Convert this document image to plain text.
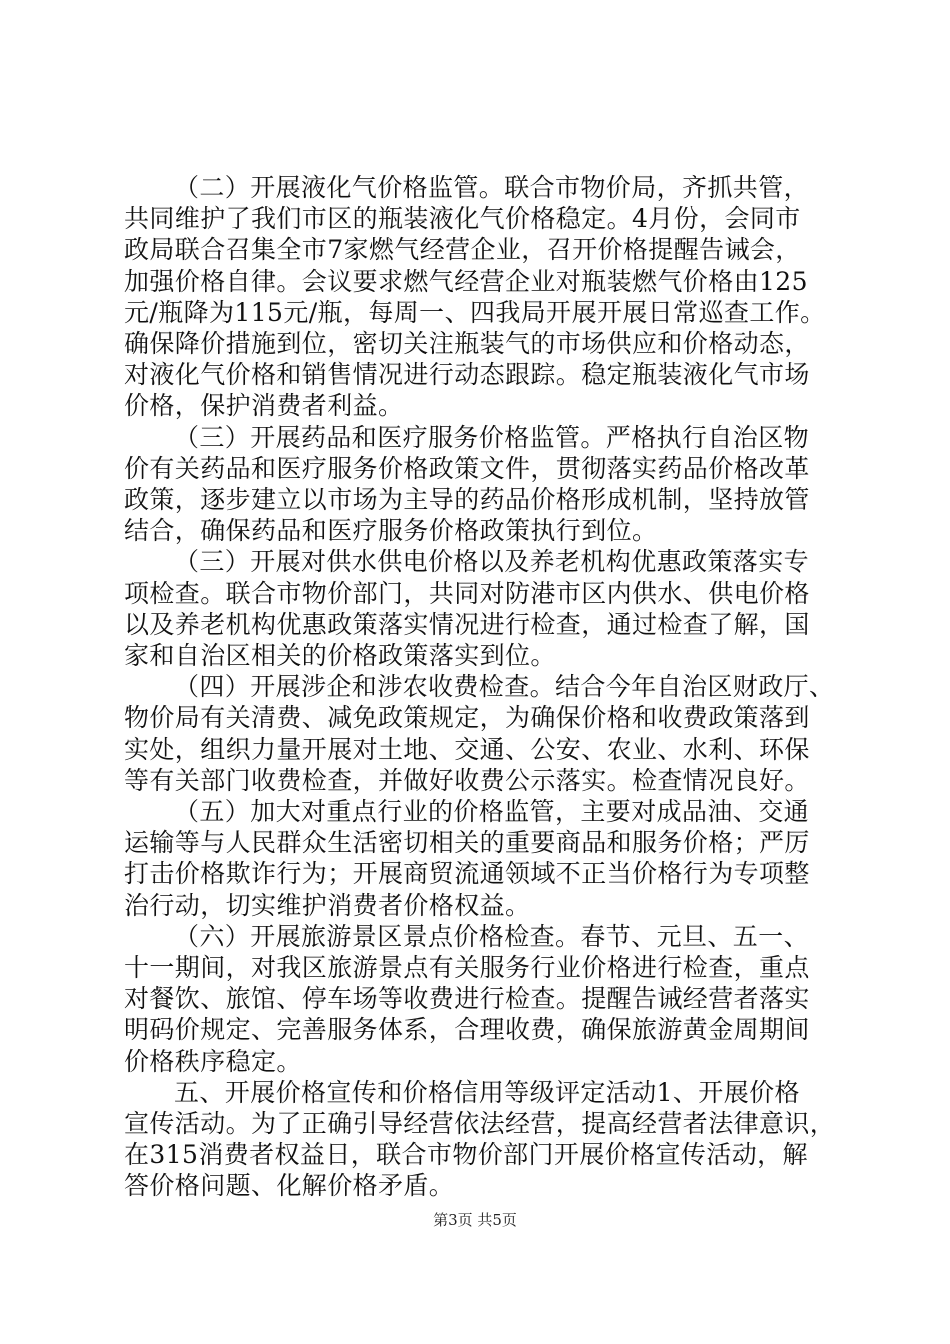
（二）开展液化气价格监管。联合市物价局，齐抓共管，
共同维护了我们市区的瓶装液化气价格稳定。4月份，会同市
政局联合召集全市7家燃气经营企业，召开价格提醒告诫会，
加强价格自律。会议要求燃气经营企业对瓶装燃气价格由125
元/瓶降为115元/瓶，每周一、四我局开展开展日常巡查工作。
确保降价措施到位，密切关注瓶装气的市场供应和价格动态，
对液化气价格和销售情况进行动态跟踪。稳定瓶装液化气市场
价格，保护消费者利益。
（三）开展药品和医疗服务价格监管。严格执行自治区物
价有关药品和医疗服务价格政策文件，贯彻落实药品价格改革
政策，逐步建立以市场为主导的药品价格形成机制，坚持放管
结合，确保药品和医疗服务价格政策执行到位。
（三）开展对供水供电价格以及养老机构优惠政策落实专
项检查。联合市物价部门，共同对防港市区内供水、供电价格
以及养老机构优惠政策落实情况进行检查，通过检查了解，国
家和自治区相关的价格政策落实到位。
（四）开展涉企和涉农收费检查。结合今年自治区财政厅、
物价局有关清费、减免政策规定，为确保价格和收费政策落到
实处，组织力量开展对土地、交通、公安、农业、水利、环保
等有关部门收费检查，并做好收费公示落实。检查情况良好。
（五）加大对重点行业的价格监管，主要对成品油、交通
运输等与人民群众生活密切相关的重要商品和服务价格；严厉
打击价格欺诈行为；开展商贸流通领域不正当价格行为专项整
治行动，切实维护消费者价格权益。
（六）开展旅游景区景点价格检查。春节、元旦、五一、
十一期间，对我区旅游景点有关服务行业价格进行检查，重点
对餐饮、旅馆、停车场等收费进行检查。提醒告诫经营者落实
明码价规定、完善服务体系，合理收费，确保旅游黄金周期间
价格秩序稳定。
五、开展价格宣传和价格信用等级评定活动1、开展价格
宣传活动。为了正确引导经营依法经营，提高经营者法律意识，
在315消费者权益日，联合市物价部门开展价格宣传活动，解
答价格问题、化解价格矛盾。
第3页 共5页
